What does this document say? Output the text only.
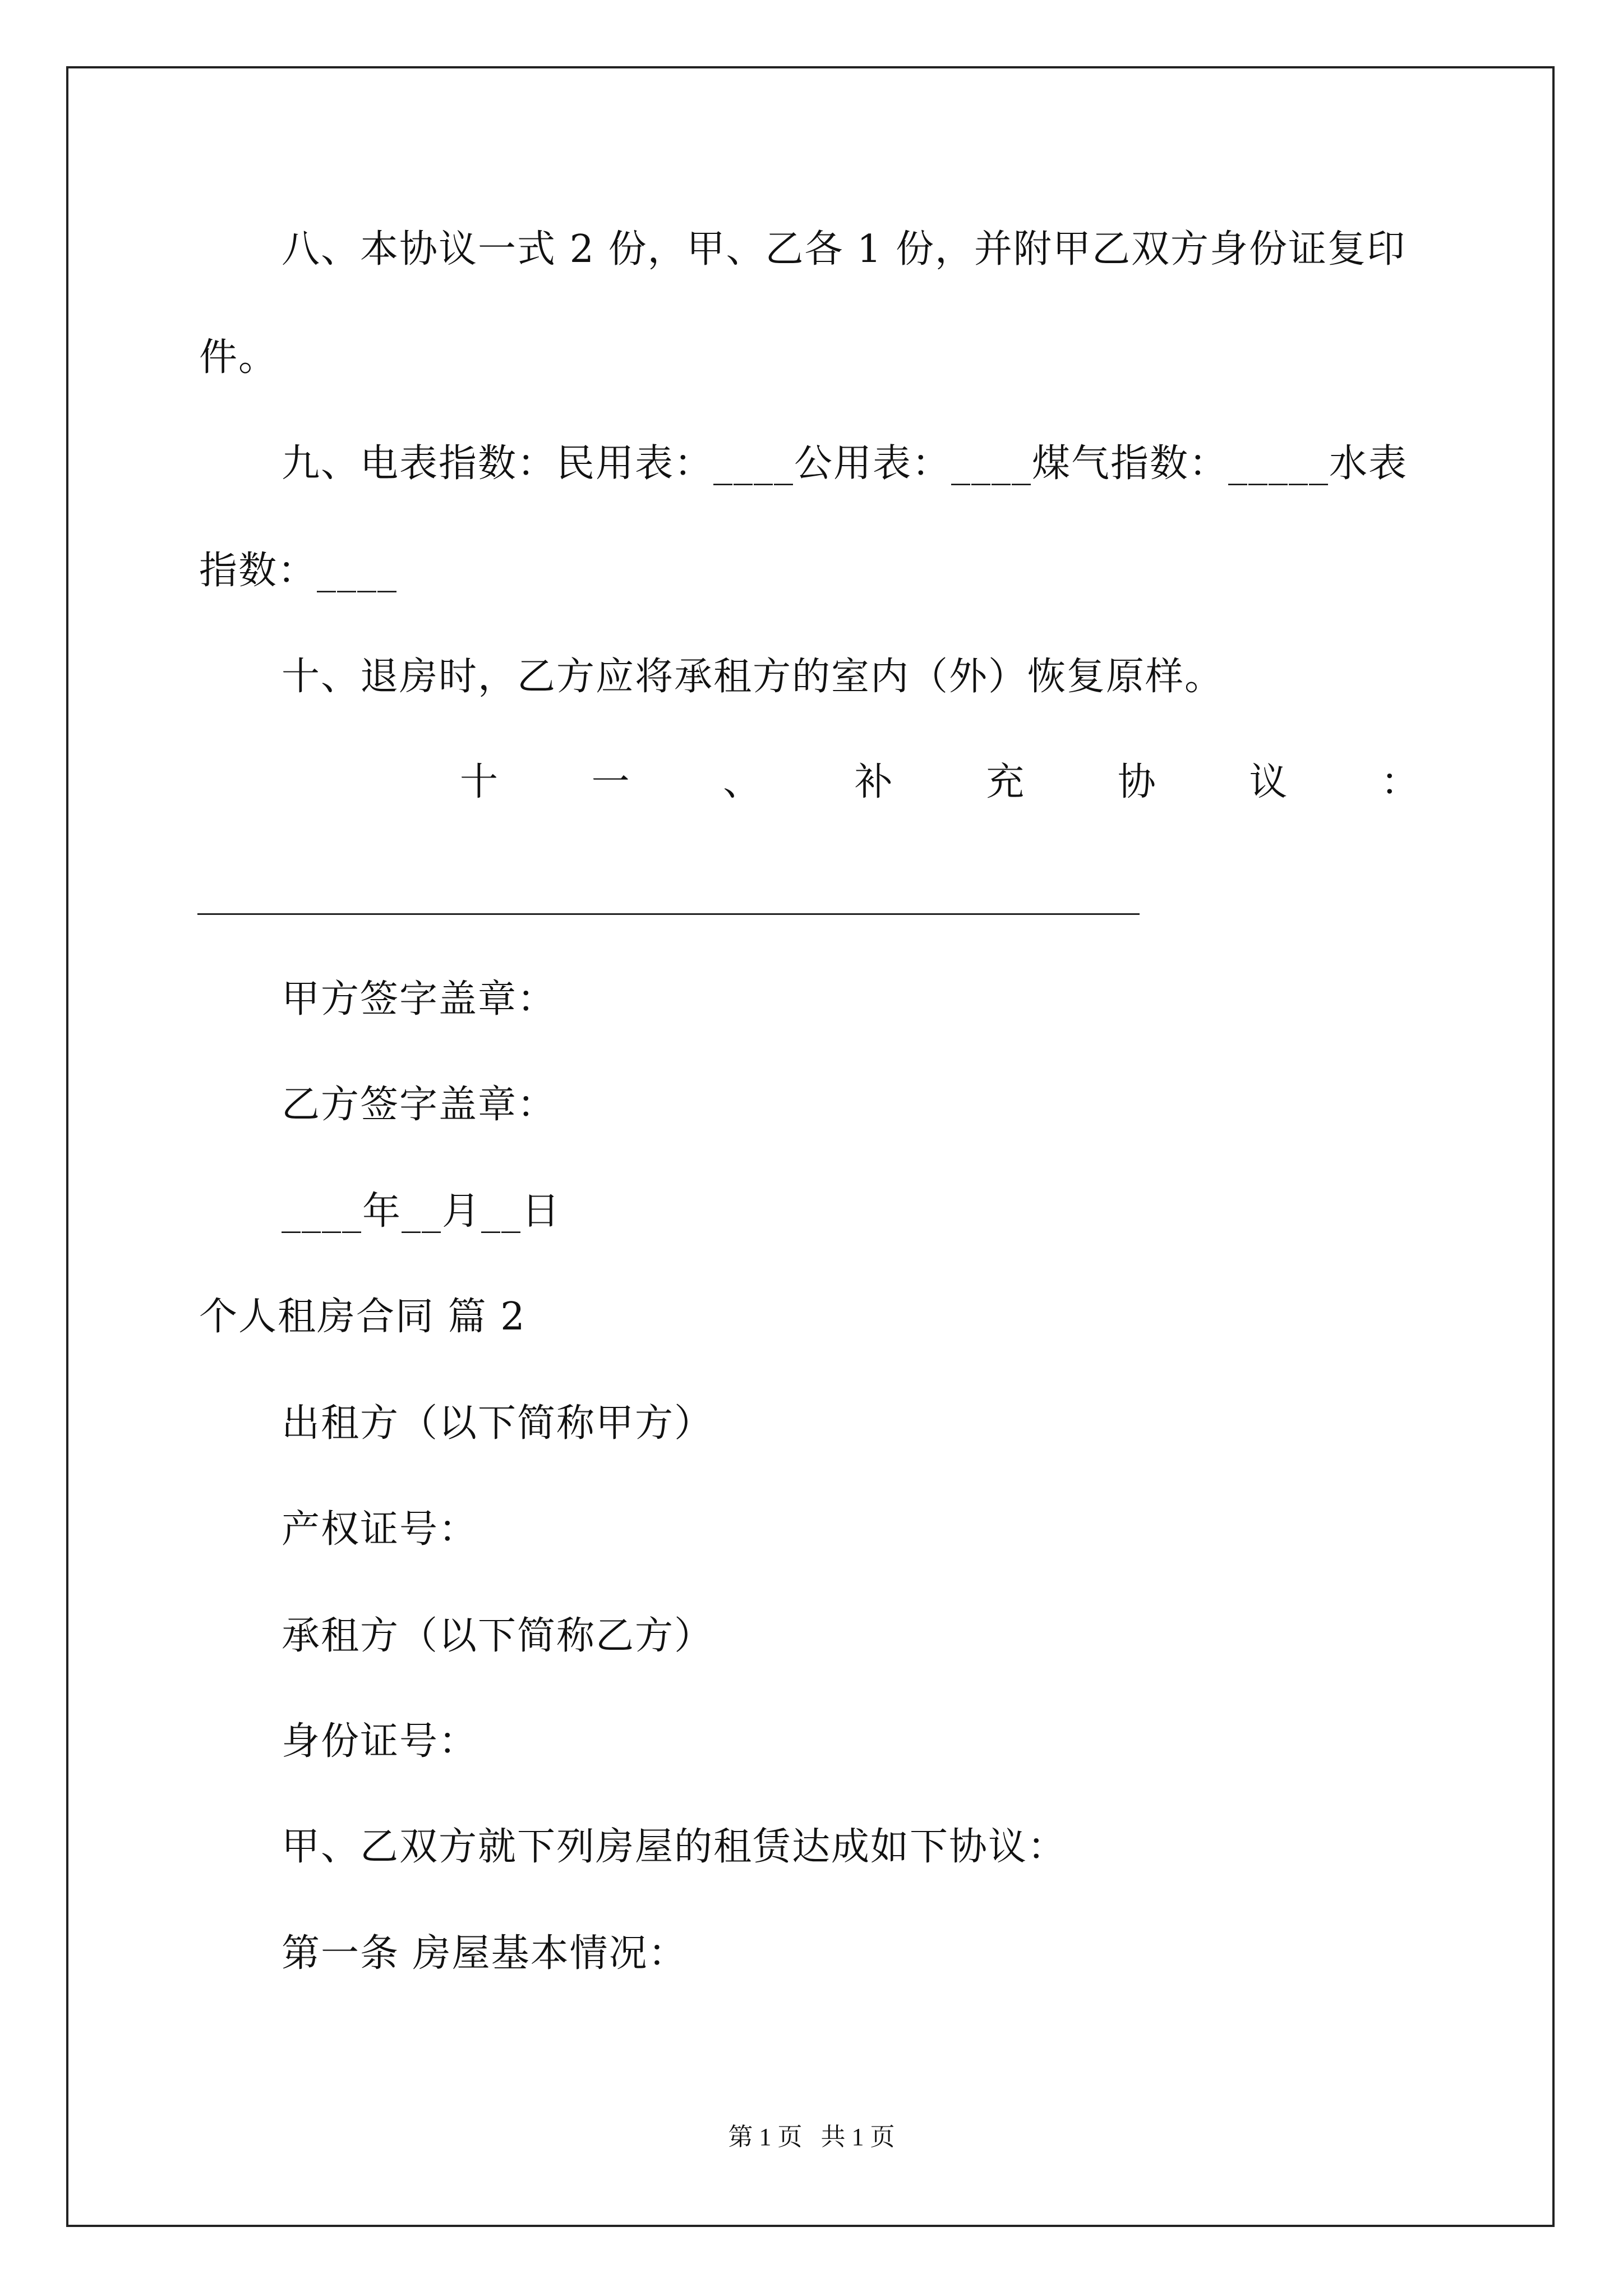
八、本协议一式 2 份，甲、乙各 1 份，并附甲乙双方身份证复印
件。
九、电表指数：民用表：____公用表：____煤气指数：_____水表
指数：____
十、退房时，乙方应将承租方的室内（外）恢复原样。
十 一 、 补 充 协 议 ：
甲方签字盖章：
乙方签字盖章：
____年__月__日
个人租房合同 篇 2
出租方（以下简称甲方）
产权证号：
承租方（以下简称乙方）
身份证号：
甲、乙双方就下列房屋的租赁达成如下协议：
第一条 房屋基本情况：
第 1 页 共 1 页
